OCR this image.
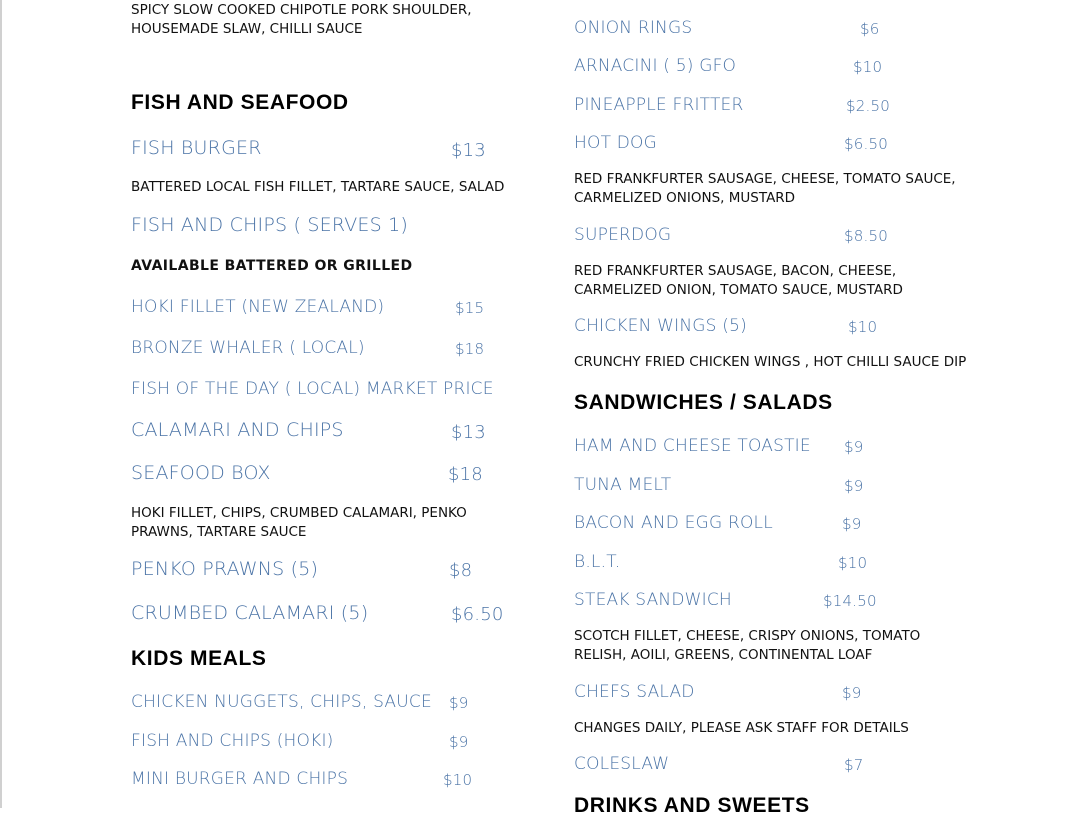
SPICY SLOW COOKED CHIPOTLE PORK SHOULDER,
HOUSEMADE SLAW, CHILLI SAUCE
FISH AND SEAFOOD
FISH BURGER	$13
BATTERED LOCAL FISH FILLET, TARTARE SAUCE, SALAD
FISH AND CHIPS ( SERVES 1)
AVAILABLE BATTERED OR GRILLED
HOKI FILLET (NEW ZEALAND)	$15
BRONZE WHALER ( LOCAL)	$18
FISH OF THE DAY ( LOCAL) MARKET PRICE
CALAMARI AND CHIPS	$13
SEAFOOD BOX	$18
HOKI FILLET, CHIPS, CRUMBED CALAMARI, PENKO
PRAWNS, TARTARE SAUCE
PENKO PRAWNS (5)	$8
CRUMBED CALAMARI (5)	$6.50
KIDS MEALS
CHICKEN NUGGETS, CHIPS, SAUCE $9
FISH AND CHIPS (HOKI)	$9
MINI BURGER AND CHIPS	$10
ONION RINGS	$6
ARNACINI ( 5) GFO	$10
PINEAPPLE FRITTER	$2.50
HOT DOG	$6.50
RED FRANKFURTER SAUSAGE, CHEESE, TOMATO SAUCE,
CARMELIZED ONIONS, MUSTARD
SUPERDOG	$8.50
RED FRANKFURTER SAUSAGE, BACON, CHEESE,
CARMELIZED ONION, TOMATO SAUCE, MUSTARD
CHICKEN WINGS (5)	$10
CRUNCHY FRIED CHICKEN WINGS , HOT CHILLI SAUCE DIP
SANDWICHES / SALADS
HAM AND CHEESE TOASTIE $9
TUNA MELT	$9
BACON AND EGG ROLL	$9
B.L.T.	$10
STEAK SANDWICH	$14.50
SCOTCH FILLET, CHEESE, CRISPY ONIONS, TOMATO
RELISH, AOILI, GREENS, CONTINENTAL LOAF
CHEFS SALAD	$9
CHANGES DAILY, PLEASE ASK STAFF FOR DETAILS
COLESLAW	$7
DRINKS AND SWEETS
